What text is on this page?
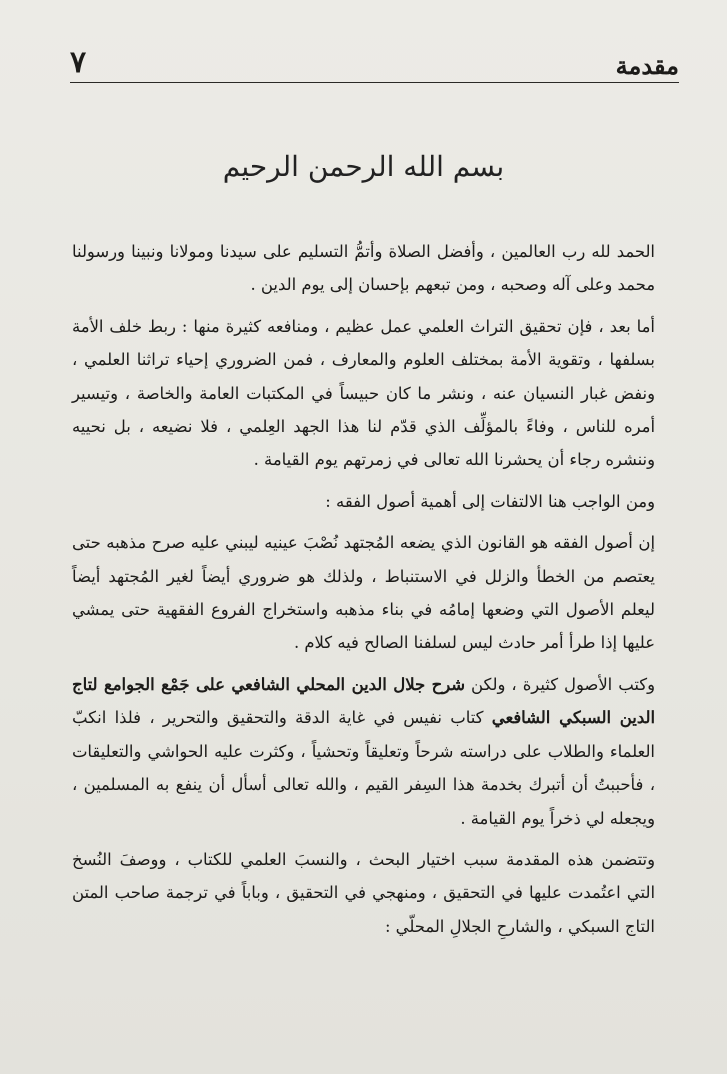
٧	مقدمة
بسم الله الرحمن الرحيم

الحمد لله رب العالمين ، وأفضل الصلاة وأتمُّ التسليم على سيدنا ومولانا ونبينا ورسولنا محمد وعلى آله وصحبه ، ومن تبعهم بإحسان إلى يوم الدين .

أما بعد ، فإن تحقيق التراث العلمي عمل عظيم ، ومنافعه كثيرة منها : ربط خلف الأمة بسلفها ، وتقوية الأمة بمختلف العلوم والمعارف ، فمن الضروري إحياء تراثنا العلمي ، ونفض غبار النسيان عنه ، ونشر ما كان حبيساً في المكتبات العامة والخاصة ، وتيسير أمره للناس ، وفاءً بالمؤلِّف الذي قدّم لنا هذا الجهد العِلمي ، فلا نضيعه ، بل نحييه وننشره رجاء أن يحشرنا الله تعالى في زمرتهم يوم القيامة .

ومن الواجب هنا الالتفات إلى أهمية أصول الفقه :

إن أصول الفقه هو القانون الذي يضعه المُجتهد نُصْبَ عينيه ليبني عليه صرح مذهبه حتى يعتصم من الخطأ والزلل في الاستنباط ، ولذلك هو ضروري أيضاً لغير المُجتهد أيضاً ليعلم الأصول التي وضعها إمامُه في بناء مذهبه واستخراج الفروع الفقهية حتى يمشي عليها إذا طرأ أمر حادث ليس لسلفنا الصالح فيه كلام .

وكتب الأصول كثيرة ، ولكن شرح جلال الدين المحلي الشافعي على جَمْع الجوامع لتاج الدين السبكي الشافعي كتاب نفيس في غاية الدقة والتحقيق والتحرير ، فلذا انكبّ العلماء والطلاب على دراسته شرحاً وتعليقاً وتحشياً ، وكثرت عليه الحواشي والتعليقات ، فأحببتُ أن أتبرك بخدمة هذا السِفر القيم ، والله تعالى أسأل أن ينفع به المسلمين ، ويجعله لي ذخراً يوم القيامة .

وتتضمن هذه المقدمة سبب اختيار البحث ، والنسبَ العلمي للكتاب ، ووصفَ النُسخ التي اعتُمدت عليها في التحقيق ، ومنهجي في التحقيق ، وباباً في ترجمة صاحب المتن التاج السبكي ، والشارحِ الجلالِ المحلّي :
